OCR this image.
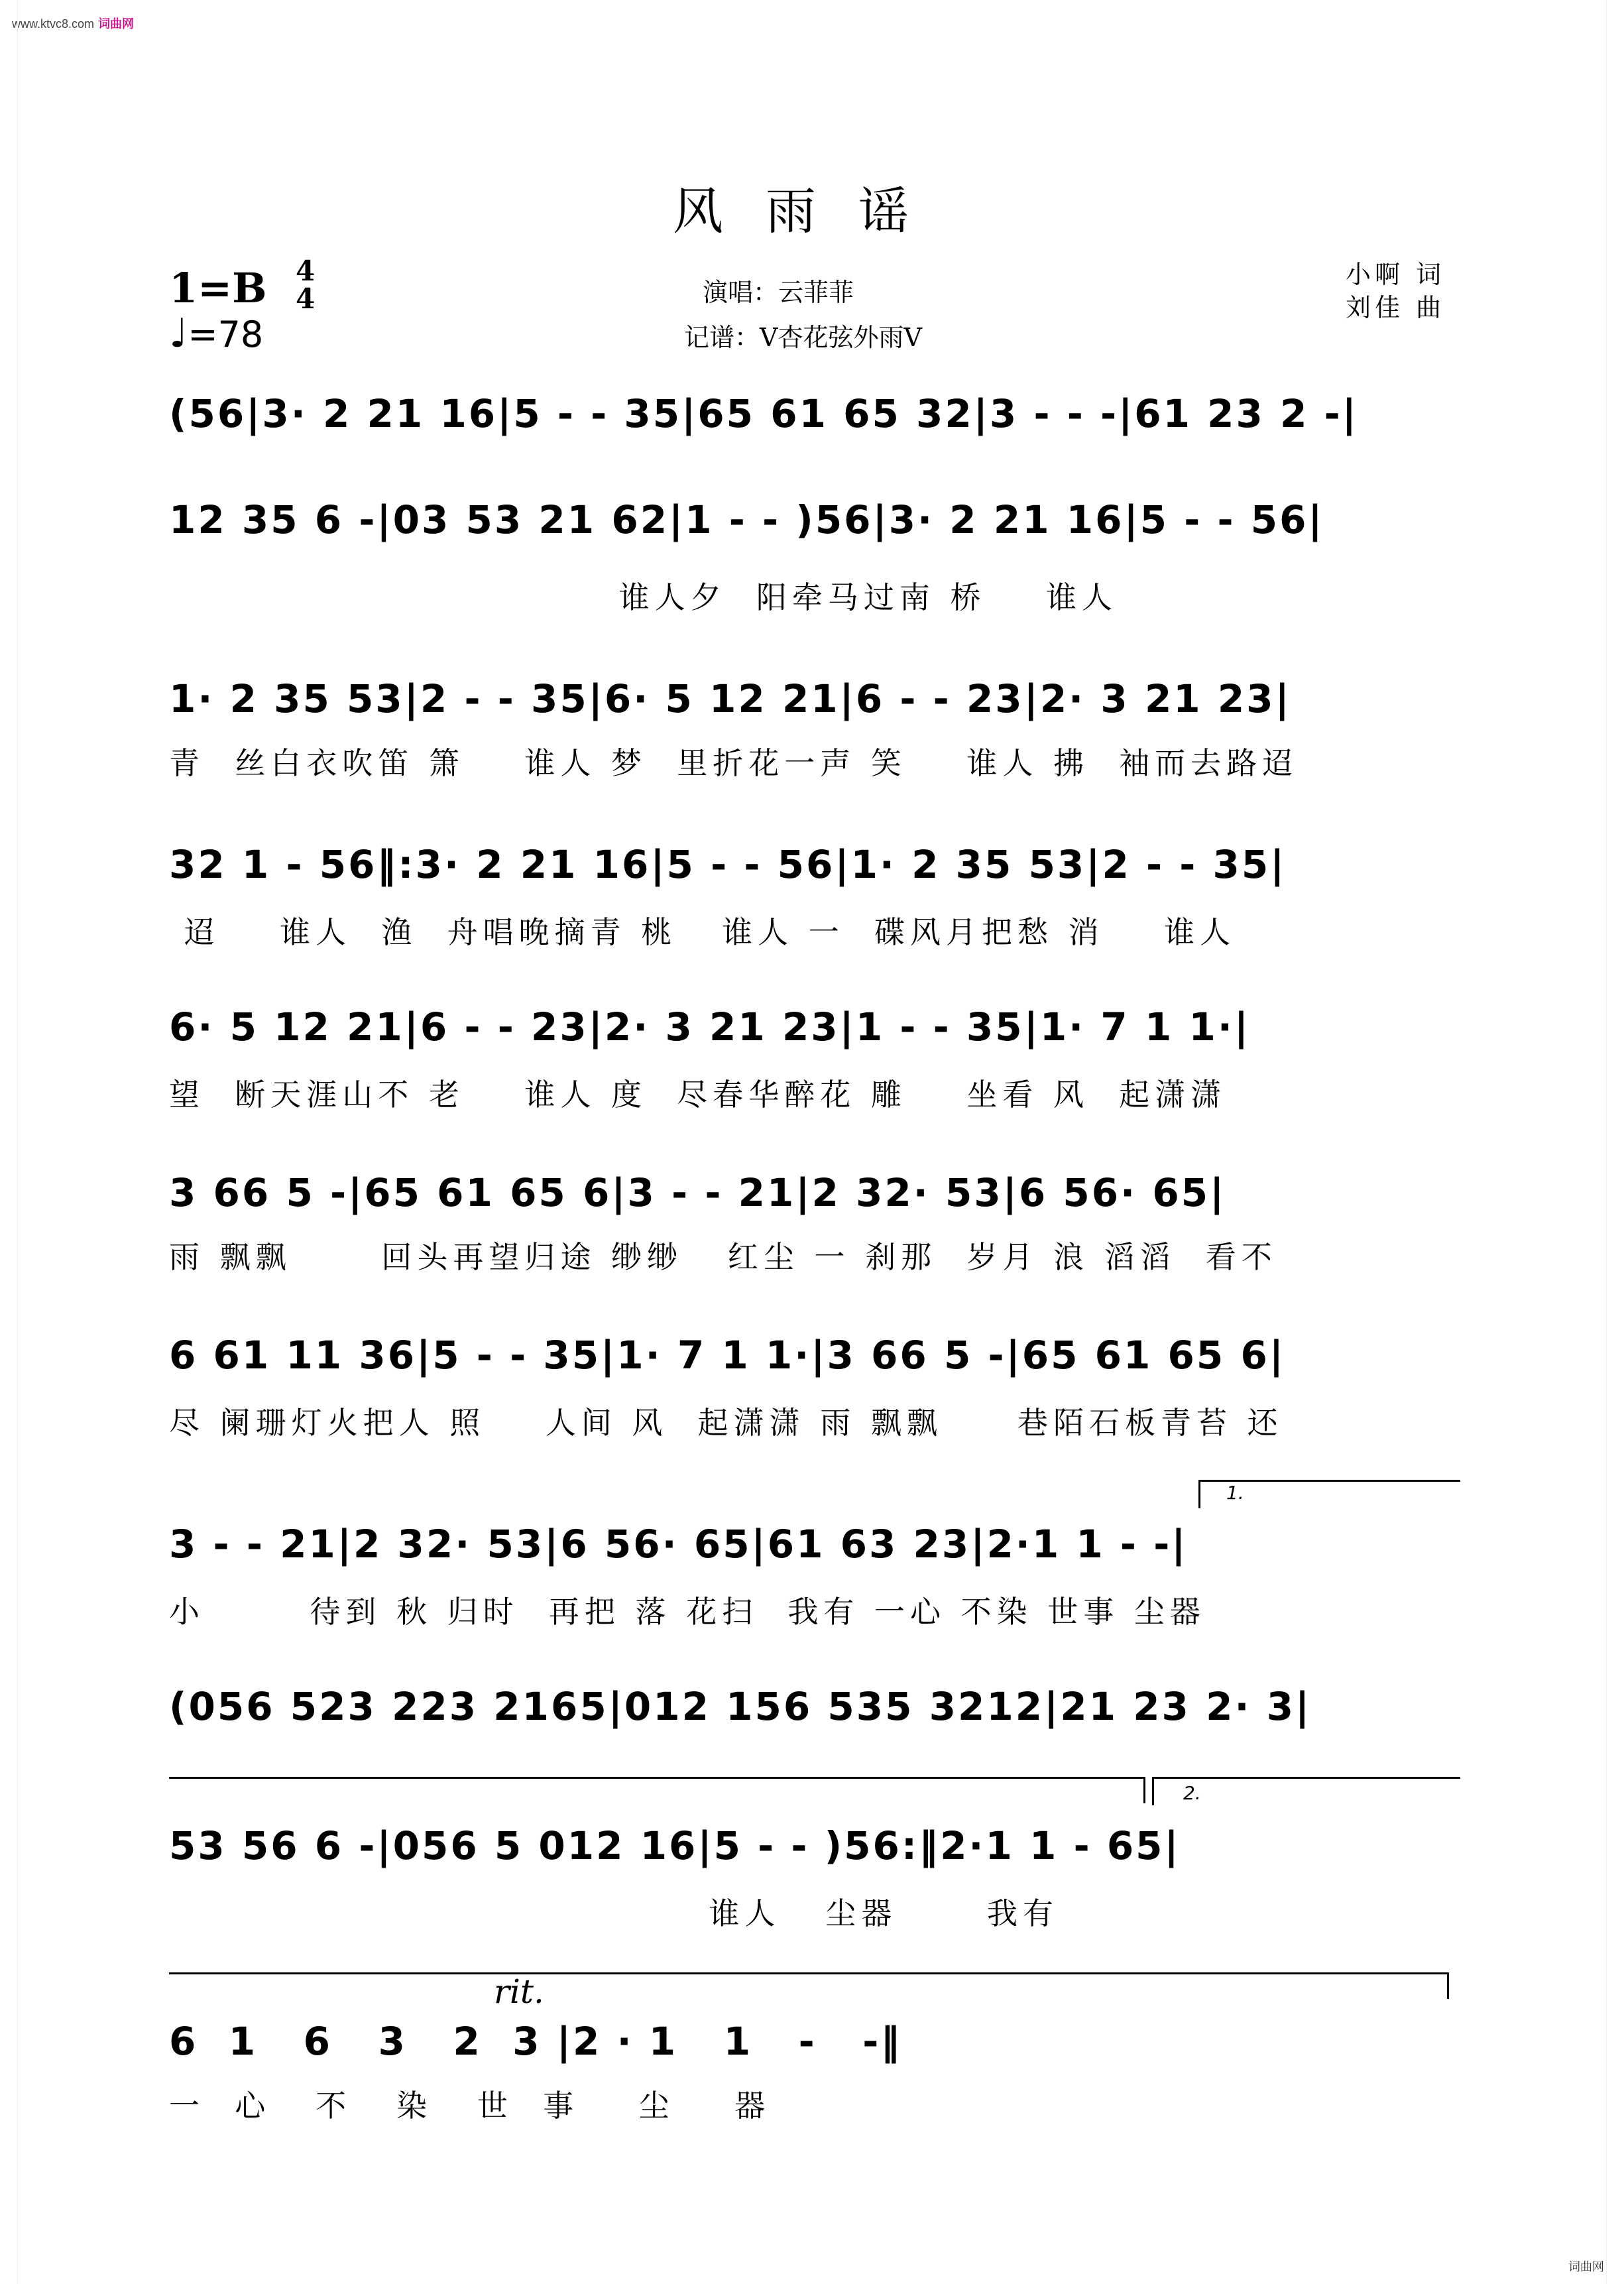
www.ktvc8.com 词曲网
风雨谣
1=B 4
4
♩=78
演唱：云菲菲
记谱：V杏花弦外雨V
小啊 词
刘佳 曲
(56|3· 2 21 16|5 - - 35|65 61 65 32|3 - - -|61 23 2 -|
12 35 6 -|03 53 21 62|1 - - )56|3· 2 21 16|5 - - 56|
谁人夕  阳牵马过南 桥    谁人
1· 2 35 53|2 - - 35|6· 5 12 21|6 - - 23|2· 3 21 23|
青  丝白衣吹笛 箫    谁人 梦  里折花一声 笑    谁人 拂  袖而去路迢
32 1 - 56‖:3· 2 21 16|5 - - 56|1· 2 35 53|2 - - 35|
迢    谁人  渔  舟唱晚摘青 桃   谁人 一  碟风月把愁 消    谁人
6· 5 12 21|6 - - 23|2· 3 21 23|1 - - 35|1· 7 1 1·|
望  断天涯山不 老    谁人 度  尽春华醉花 雕    坐看 风  起潇潇
3 66 5 -|65 61 65 6|3 - - 21|2 32· 53|6 56· 65|
雨 飘飘      回头再望归途 缈缈   红尘 一 刹那  岁月 浪 滔滔  看不
6 61 11 36|5 - - 35|1· 7 1 1·|3 66 5 -|65 61 65 6|
尽 阑珊灯火把人 照    人间 风  起潇潇 雨 飘飘     巷陌石板青苔 还
1.
3 - - 21|2 32· 53|6 56· 65|61 63 23|2·1 1 - -|
小       待到 秋 归时  再把 落 花扫  我有 一心 不染 世事 尘器
(056 523 223 2165|012 156 535 3212|21 23 2· 3|
2.
53 56 6 -|056 5 012 16|5 - - )56:‖2·1 1 - 65|
谁人   尘器      我有
rit.
6  1   6   3   2  3 |2 · 1   1   -   -‖
一  心   不   染   世  事    尘    器
词曲网
